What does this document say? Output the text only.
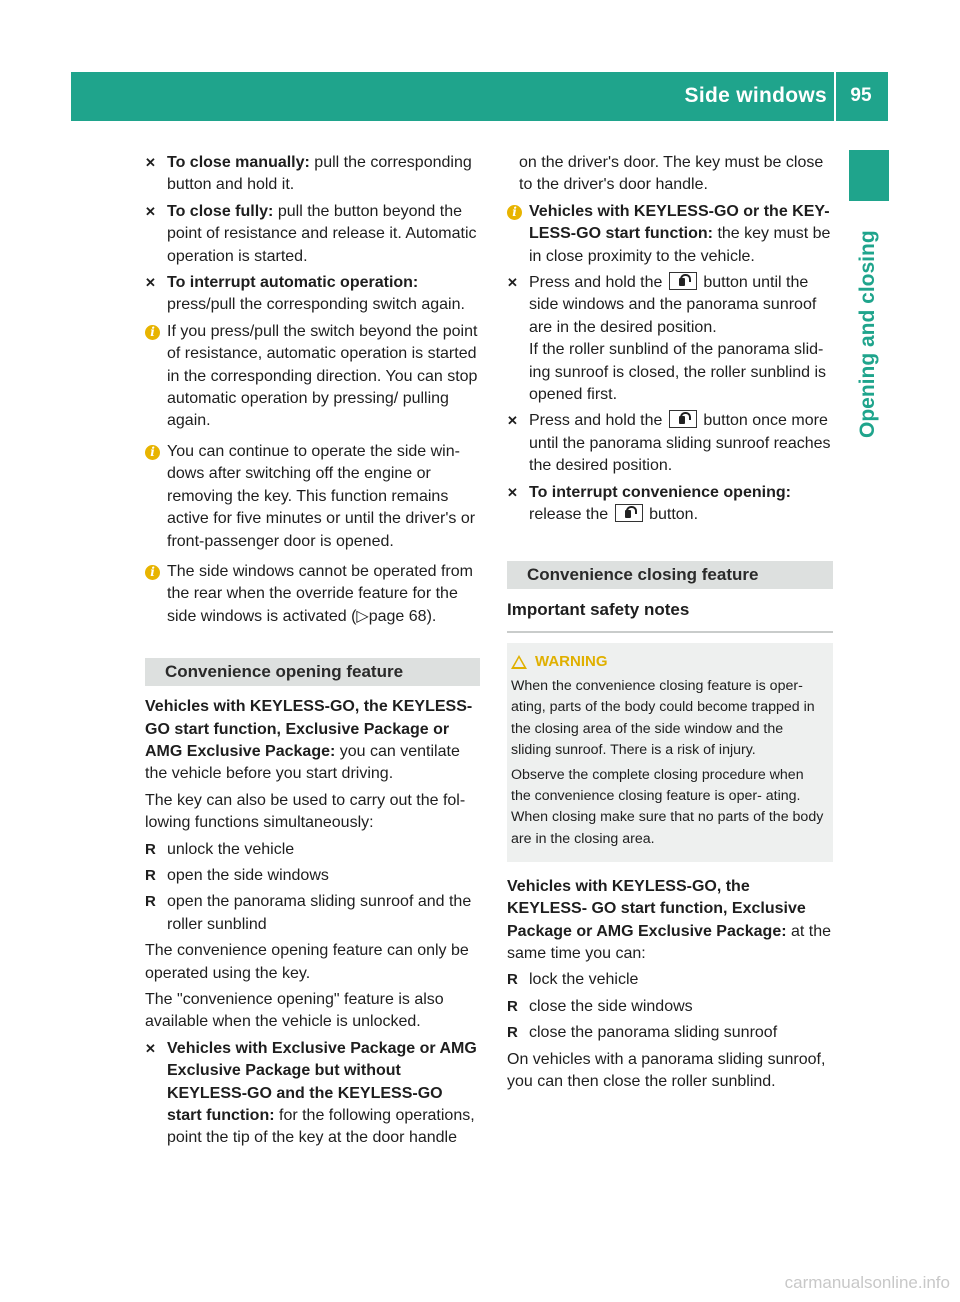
Side windows	95
Opening and closing
✕ To close manually: pull the corresponding button and hold it.
✕ To close fully: pull the button beyond the point of resistance and release it. Automatic operation is started.
✕ To interrupt automatic operation: press/pull the corresponding switch again.
i If you press/pull the switch beyond the point of resistance, automatic operation is started in the corresponding direction. You can stop automatic operation by pressing/ pulling again.
i You can continue to operate the side win- dows after switching off the engine or removing the key. This function remains active for five minutes or until the driver's or front-passenger door is opened.
i The side windows cannot be operated from the rear when the override feature for the side windows is activated (▷page 68).
Convenience opening feature

Vehicles with KEYLESS-GO, the KEYLESS- GO start function, Exclusive Package or AMG Exclusive Package: you can ventilate the vehicle before you start driving.

The key can also be used to carry out the fol- lowing functions simultaneously:

R unlock the vehicle
R open the side windows
R open the panorama sliding sunroof and the roller sunblind

The convenience opening feature can only be operated using the key.

The "convenience opening" feature is also available when the vehicle is unlocked.

✕ Vehicles with Exclusive Package or AMG Exclusive Package but without KEYLESS-GO and the KEYLESS-GO start function: for the following operations, point the tip of the key at the door handle

on the driver's door. The key must be close to the driver's door handle.

i Vehicles with KEYLESS-GO or the KEY- LESS-GO start function: the key must be in close proximity to the vehicle.
✕ Press and hold the	button until the side windows and the panorama sunroof are in the desired position.
If the roller sunblind of the panorama slid- ing sunroof is closed, the roller sunblind is opened first.
✕ Press and hold the	button once more until the panorama sliding sunroof reaches the desired position.
✕ To interrupt convenience opening:
release the	button.
Convenience closing feature
Important safety notes
WARNING

When the convenience closing feature is oper- ating, parts of the body could become trapped in the closing area of the side window and the sliding sunroof. There is a risk of injury.

Observe the complete closing procedure when the convenience closing feature is oper- ating. When closing make sure that no parts of the body are in the closing area.

Vehicles with KEYLESS-GO, the KEYLESS- GO start function, Exclusive Package or AMG Exclusive Package: at the same time you can:

R lock the vehicle
R close the side windows
R close the panorama sliding sunroof

On vehicles with a panorama sliding sunroof, you can then close the roller sunblind.

carmanualsonline.info
